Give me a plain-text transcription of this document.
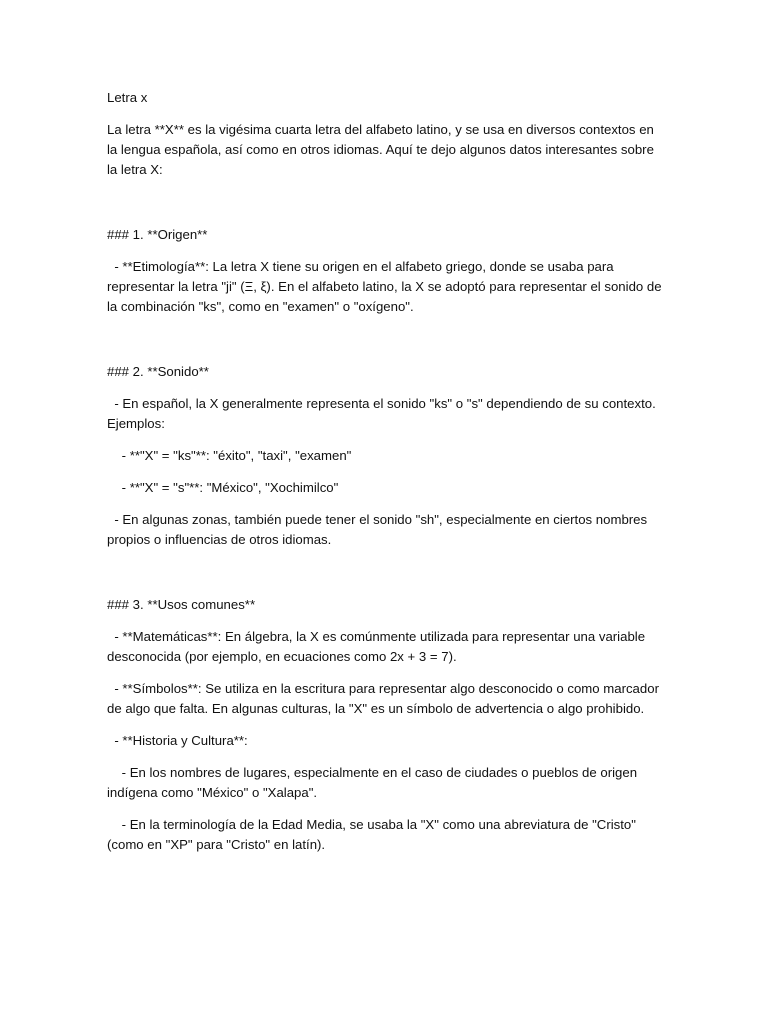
Letra x

La letra **X** es la vigésima cuarta letra del alfabeto latino, y se usa en diversos contextos en la lengua española, así como en otros idiomas. Aquí te dejo algunos datos interesantes sobre la letra X:

### 1. **Origen**

- **Etimología**: La letra X tiene su origen en el alfabeto griego, donde se usaba para representar la letra "ji" (Ξ, ξ). En el alfabeto latino, la X se adoptó para representar el sonido de la combinación "ks", como en "examen" o "oxígeno".

### 2. **Sonido**

- En español, la X generalmente representa el sonido "ks" o "s" dependiendo de su contexto. Ejemplos:

- **"X" = "ks"**: "éxito", "taxi", "examen"

- **"X" = "s"**: "México", "Xochimilco"

- En algunas zonas, también puede tener el sonido "sh", especialmente en ciertos nombres propios o influencias de otros idiomas.

### 3. **Usos comunes**

- **Matemáticas**: En álgebra, la X es comúnmente utilizada para representar una variable desconocida (por ejemplo, en ecuaciones como 2x + 3 = 7).

- **Símbolos**: Se utiliza en la escritura para representar algo desconocido o como marcador de algo que falta. En algunas culturas, la "X" es un símbolo de advertencia o algo prohibido.

- **Historia y Cultura**:

- En los nombres de lugares, especialmente en el caso de ciudades o pueblos de origen indígena como "México" o "Xalapa".

- En la terminología de la Edad Media, se usaba la "X" como una abreviatura de "Cristo" (como en "XP" para "Cristo" en latín).
